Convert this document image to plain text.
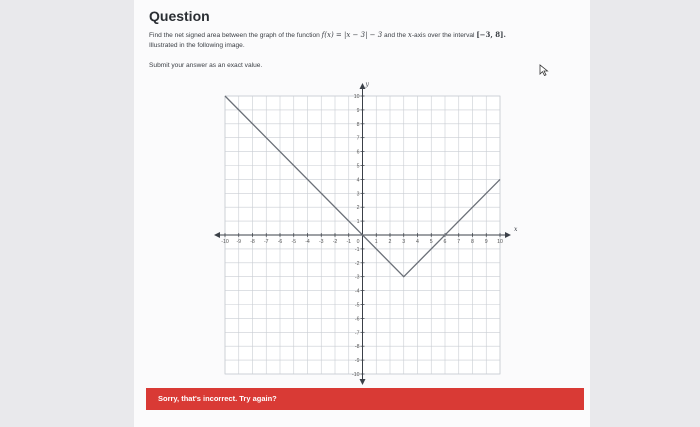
Question
Find the net signed area between the graph of the function f(x) = |x − 3| − 3 and the x-axis over the interval [−3, 8].
Illustrated in the following image.
Submit your answer as an exact value.
x
y
-10 -9 -8 -7 -6 -5 -4 -3 -2 -1	1 2 3 4 5 6 7 8 9 10
-10
-9
-8
-7
-6
-5
-4
-3
-2
-1
1
2
3
4
5
6
7
8
9
10
0
Sorry, that's incorrect. Try again?
